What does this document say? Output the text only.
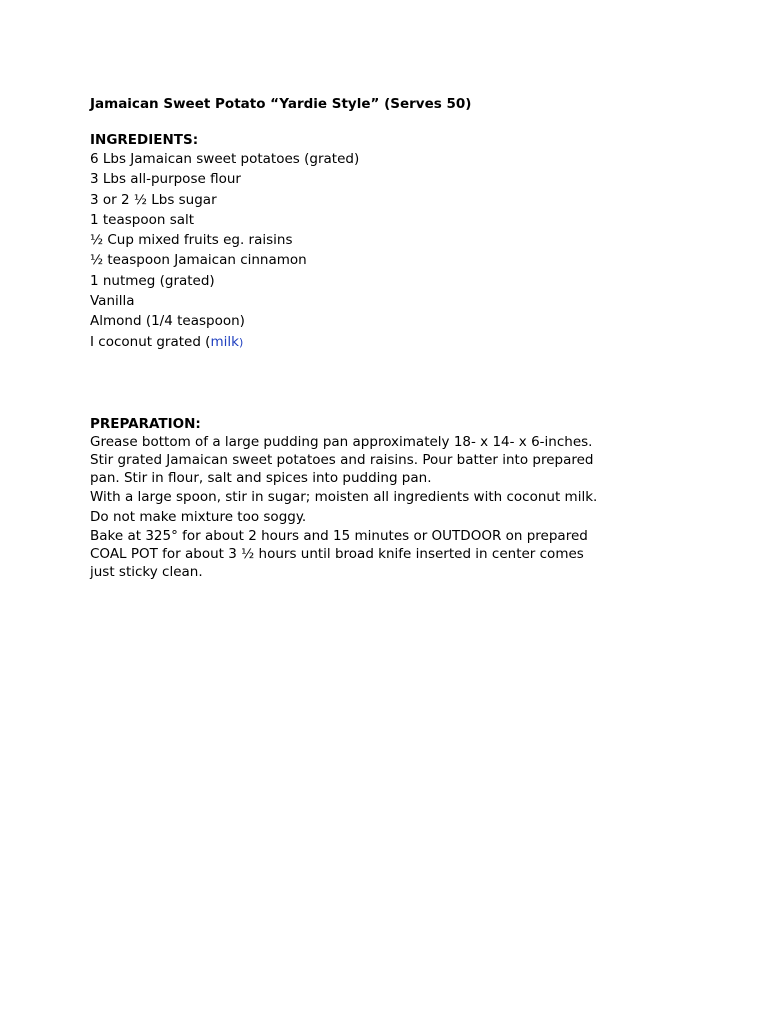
Jamaican Sweet Potato “Yardie Style” (Serves 50)
INGREDIENTS:
6 Lbs Jamaican sweet potatoes (grated)
3 Lbs all-purpose flour
3 or 2 ½ Lbs sugar
1 teaspoon salt
½ Cup mixed fruits eg. raisins
½ teaspoon Jamaican cinnamon
1 nutmeg (grated)
Vanilla
Almond (1/4 teaspoon)
I coconut grated (milk)
PREPARATION:

Grease bottom of a large pudding pan approximately 18- x 14- x 6-inches. Stir grated Jamaican sweet potatoes and raisins. Pour batter into prepared pan. Stir in flour, salt and spices into pudding pan.

With a large spoon, stir in sugar; moisten all ingredients with coconut milk.

Do not make mixture too soggy.

Bake at 325° for about 2 hours and 15 minutes or OUTDOOR on prepared COAL POT for about 3 ½ hours until broad knife inserted in center comes just sticky clean.
